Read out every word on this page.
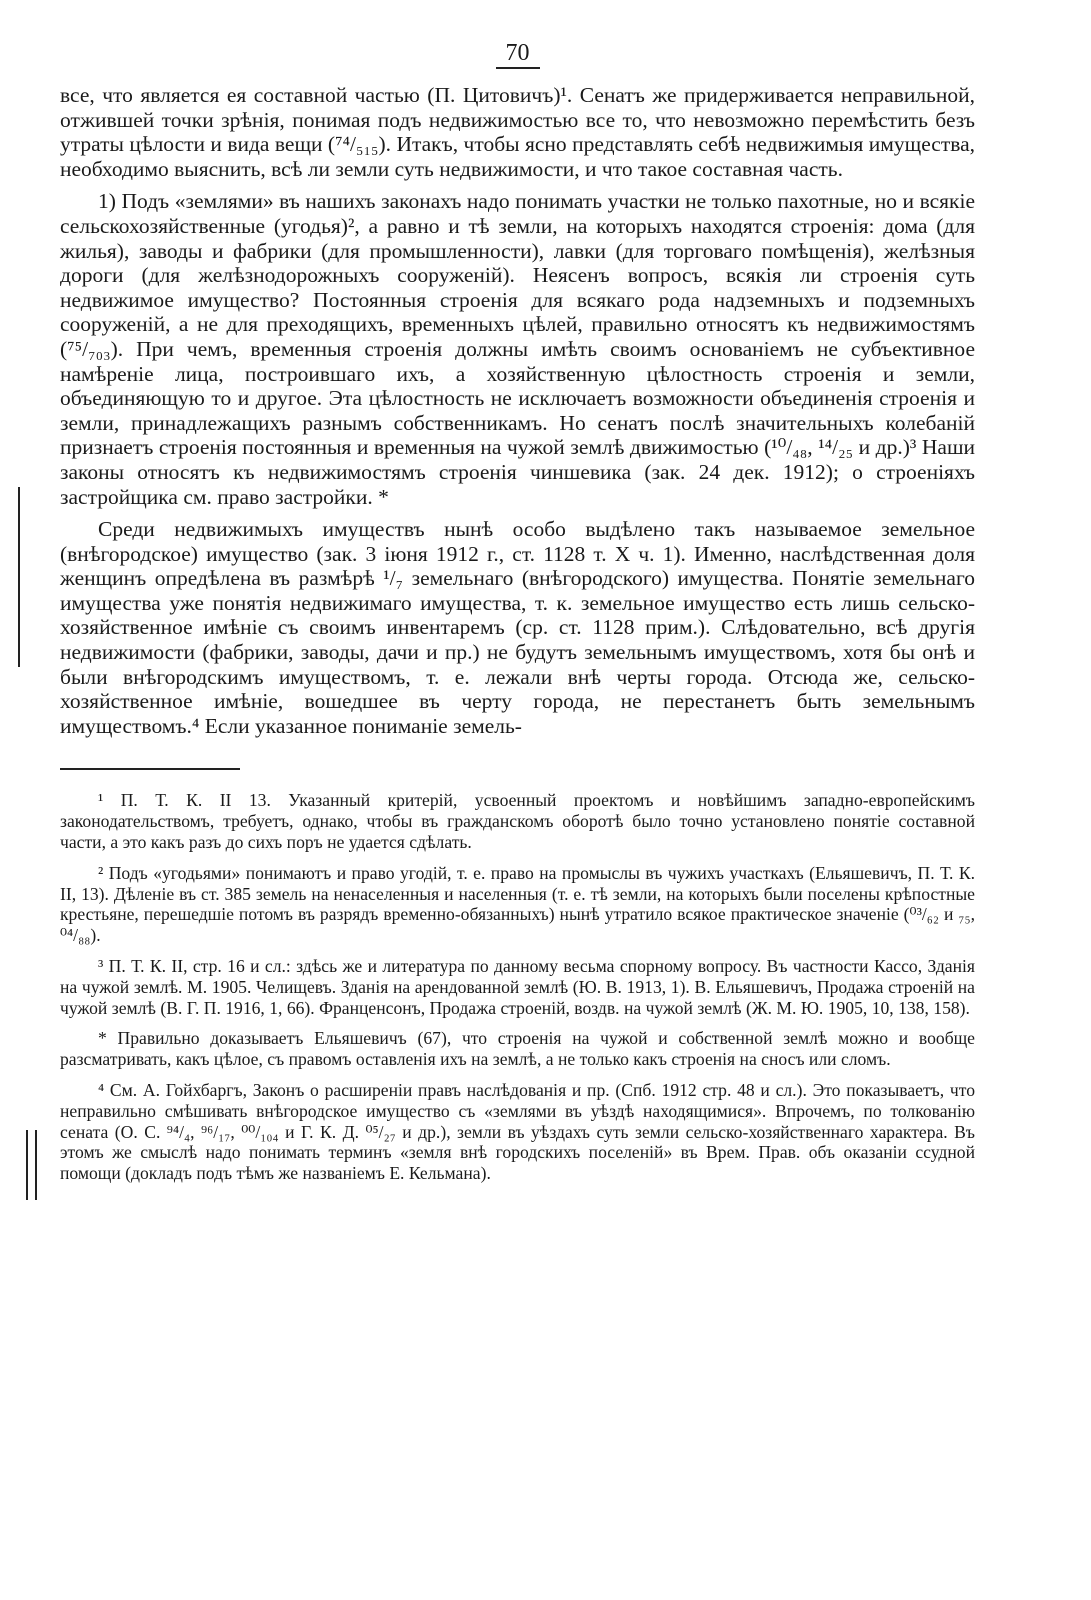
70

все, что является ея составной частью (П. Цитовичъ)¹. Сенатъ же придерживается неправильной, отжившей точки зрѣнія, понимая подъ недвижимостью все то, что невозможно перемѣстить безъ утраты цѣлости и вида вещи (⁷⁴/₅₁₅). Итакъ, чтобы ясно представлять себѣ недвижимыя имущества, необходимо выяснить, всѣ ли земли суть недвижимости, и что такое составная часть.

1) Подъ «землями» въ нашихъ законахъ надо понимать участки не только пахотные, но и всякіе сельскохозяйственные (угодья)², а равно и тѣ земли, на которыхъ находятся строенія: дома (для жилья), заводы и фабрики (для промышленности), лавки (для торговаго помѣщенія), желѣзныя дороги (для желѣзнодорожныхъ сооруженій). Неясенъ вопросъ, всякія ли строенія суть недвижимое имущество? Постоянныя строенія для всякаго рода надземныхъ и подземныхъ сооруженій, а не для преходящихъ, временныхъ цѣлей, правильно относятъ къ недвижимостямъ (⁷⁵/₇₀₃). При чемъ, временныя строенія должны имѣть своимъ основаніемъ не субъективное намѣреніе лица, построившаго ихъ, а хозяйственную цѣлостность строенія и земли, объединяющую то и другое. Эта цѣлостность не исключаетъ возможности объединенія строенія и земли, принадлежащихъ разнымъ собственникамъ. Но сенатъ послѣ значительныхъ колебаній признаетъ строенія постоянныя и временныя на чужой землѣ движимостью (¹⁰/₄₈, ¹⁴/₂₅ и др.)³ Наши законы относятъ къ недвижимостямъ строенія чиншевика (зак. 24 дек. 1912); о строеніяхъ застройщика см. право застройки. *

Среди недвижимыхъ имуществъ нынѣ особо выдѣлено такъ называемое земельное (внѣгородское) имущество (зак. 3 іюня 1912 г., ст. 1128 т. X ч. 1). Именно, наслѣдственная доля женщинъ опредѣлена въ размѣрѣ ¹/₇ земельнаго (внѣгородского) имущества. Понятіе земельнаго имущества уже понятія недвижимаго имущества, т. к. земельное имущество есть лишь сельско-хозяйственное имѣніе съ своимъ инвентаремъ (ср. ст. 1128 прим.). Слѣдовательно, всѣ другія недвижимости (фабрики, заводы, дачи и пр.) не будутъ земельнымъ имуществомъ, хотя бы онѣ и были внѣгородскимъ имуществомъ, т. е. лежали внѣ черты города. Отсюда же, сельско-хозяйственное имѣніе, вошедшее въ черту города, не перестанетъ быть земельнымъ имуществомъ.⁴ Если указанное пониманіе земель-

¹ П. Т. К. II 13. Указанный критерій, усвоенный проектомъ и новѣйшимъ западно-европейскимъ законодательствомъ, требуетъ, однако, чтобы въ гражданскомъ оборотѣ было точно установлено понятіе составной части, а это какъ разъ до сихъ поръ не удается сдѣлать.

² Подъ «угодьями» понимаютъ и право угодій, т. е. право на промыслы въ чужихъ участкахъ (Ельяшевичъ, П. Т. К. II, 13). Дѣленіе въ ст. 385 земель на ненаселенныя и населенныя (т. е. тѣ земли, на которыхъ были поселены крѣпостные крестьяне, перешедшіе потомъ въ разрядъ временно-обязанныхъ) нынѣ утратило всякое практическое значеніе (⁰³/₆₂ и ₇₅, ⁰⁴/₈₈).

³ П. Т. К. II, стр. 16 и сл.: здѣсь же и литература по данному весьма спорному вопросу. Въ частности Кассо, Зданія на чужой землѣ. М. 1905. Челищевъ. Зданія на арендованной землѣ (Ю. В. 1913, 1). В. Ельяшевичъ, Продажа строеній на чужой землѣ (В. Г. П. 1916, 1, 66). Франценсонъ, Продажа строеній, воздв. на чужой землѣ (Ж. М. Ю. 1905, 10, 138, 158).

* Правильно доказываетъ Ельяшевичъ (67), что строенія на чужой и собственной землѣ можно и вообще разсматривать, какъ цѣлое, съ правомъ оставленія ихъ на землѣ, а не только какъ строенія на сносъ или сломъ.

⁴ См. А. Гойхбаргъ, Законъ о расширеніи правъ наслѣдованія и пр. (Спб. 1912 стр. 48 и сл.). Это показываетъ, что неправильно смѣшивать внѣгородское имущество съ «землями въ уѣздѣ находящимися». Впрочемъ, по толкованію сената (О. С. ⁹⁴/₄, ⁹⁶/₁₇, ⁰⁰/₁₀₄ и Г. К. Д. ⁰⁵/₂₇ и др.), земли въ уѣздахъ суть земли сельско-хозяйственнаго характера. Въ этомъ же смыслѣ надо понимать терминъ «земля внѣ городскихъ поселеній» въ Врем. Прав. объ оказаніи ссудной помощи (докладъ подъ тѣмъ же названіемъ Е. Кельмана).
